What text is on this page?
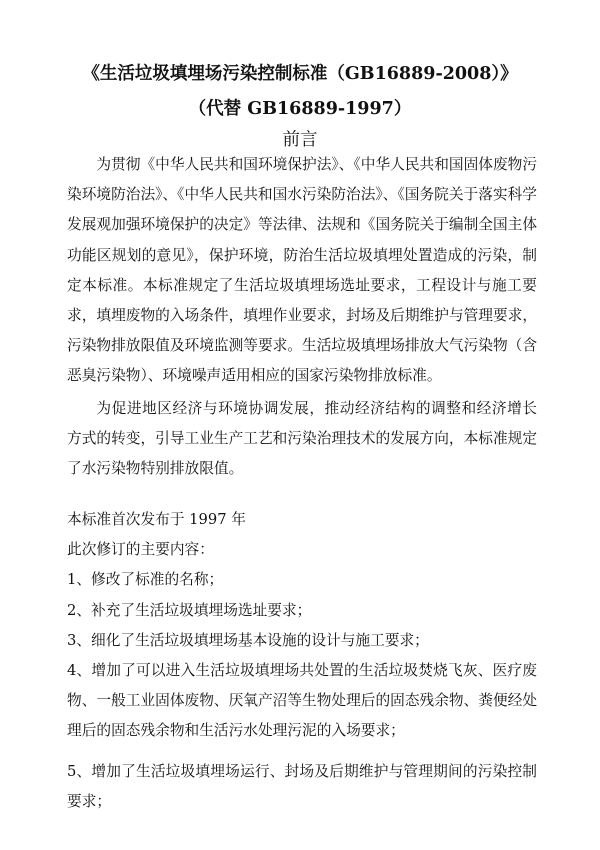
《生活垃圾填埋场污染控制标准（GB16889-2008）》
（代替 GB16889-1997）
前言

为贯彻《中华人民共和国环境保护法》、《中华人民共和国固体废物污染环境防治法》、《中华人民共和国水污染防治法》、《国务院关于落实科学发展观加强环境保护的决定》等法律、法规和《国务院关于编制全国主体功能区规划的意见》，保护环境，防治生活垃圾填埋处置造成的污染，制定本标准。本标准规定了生活垃圾填埋场选址要求，工程设计与施工要求，填埋废物的入场条件，填埋作业要求，封场及后期维护与管理要求，污染物排放限值及环境监测等要求。生活垃圾填埋场排放大气污染物（含恶臭污染物）、环境噪声适用相应的国家污染物排放标准。

为促进地区经济与环境协调发展，推动经济结构的调整和经济增长方式的转变，引导工业生产工艺和污染治理技术的发展方向，本标准规定了水污染物特别排放限值。

本标准首次发布于 1997 年

此次修订的主要内容：

1、修改了标准的名称；

2、补充了生活垃圾填埋场选址要求；

3、细化了生活垃圾填埋场基本设施的设计与施工要求；

4、增加了可以进入生活垃圾填埋场共处置的生活垃圾焚烧飞灰、医疗废物、一般工业固体废物、厌氧产沼等生物处理后的固态残余物、粪便经处理后的固态残余物和生活污水处理污泥的入场要求；

5、增加了生活垃圾填埋场运行、封场及后期维护与管理期间的污染控制要求；
